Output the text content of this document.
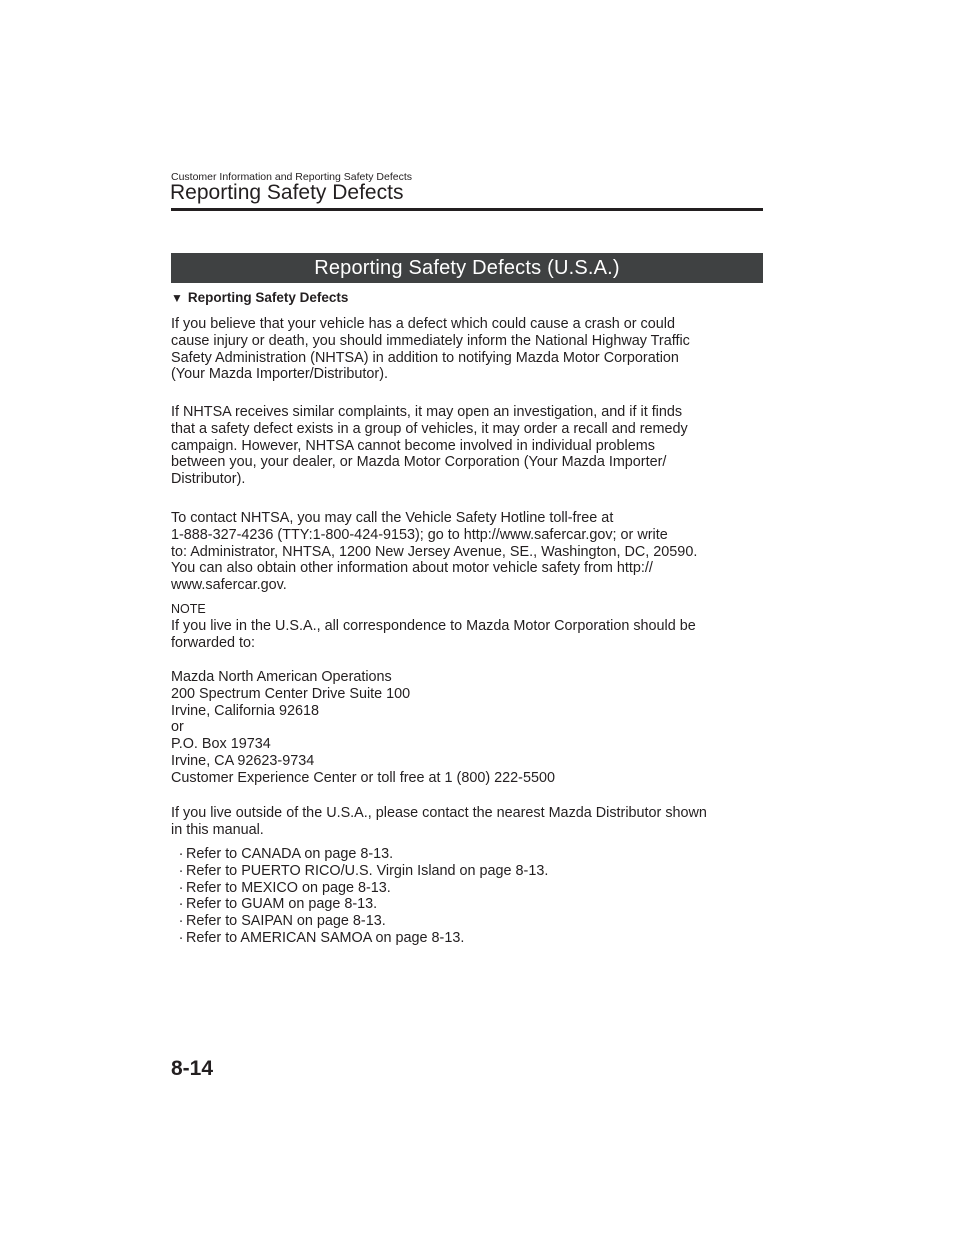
Customer Information and Reporting Safety Defects
Reporting Safety Defects
Reporting Safety Defects (U.S.A.)
▼ Reporting Safety Defects
If you believe that your vehicle has a defect which could cause a crash or could
cause injury or death, you should immediately inform the National Highway Traffic
Safety Administration (NHTSA) in addition to notifying Mazda Motor Corporation
(Your Mazda Importer/Distributor).
If NHTSA receives similar complaints, it may open an investigation, and if it finds
that a safety defect exists in a group of vehicles, it may order a recall and remedy
campaign. However, NHTSA cannot become involved in individual problems
between you, your dealer, or Mazda Motor Corporation (Your Mazda Importer/
Distributor).
To contact NHTSA, you may call the Vehicle Safety Hotline toll-free at
1-888-327-4236 (TTY:1-800-424-9153); go to http://www.safercar.gov; or write
to: Administrator, NHTSA, 1200 New Jersey Avenue, SE., Washington, DC, 20590.
You can also obtain other information about motor vehicle safety from http://
www.safercar.gov.
NOTE
If you live in the U.S.A., all correspondence to Mazda Motor Corporation should be
forwarded to:
Mazda North American Operations
200 Spectrum Center Drive Suite 100
Irvine, California 92618
or
P.O. Box 19734
Irvine, CA 92623-9734
Customer Experience Center or toll free at 1 (800) 222-5500
If you live outside of the U.S.A., please contact the nearest Mazda Distributor shown
in this manual.
· Refer to CANADA on page 8-13.
· Refer to PUERTO RICO/U.S. Virgin Island on page 8-13.
· Refer to MEXICO on page 8-13.
· Refer to GUAM on page 8-13.
· Refer to SAIPAN on page 8-13.
· Refer to AMERICAN SAMOA on page 8-13.
8-14
